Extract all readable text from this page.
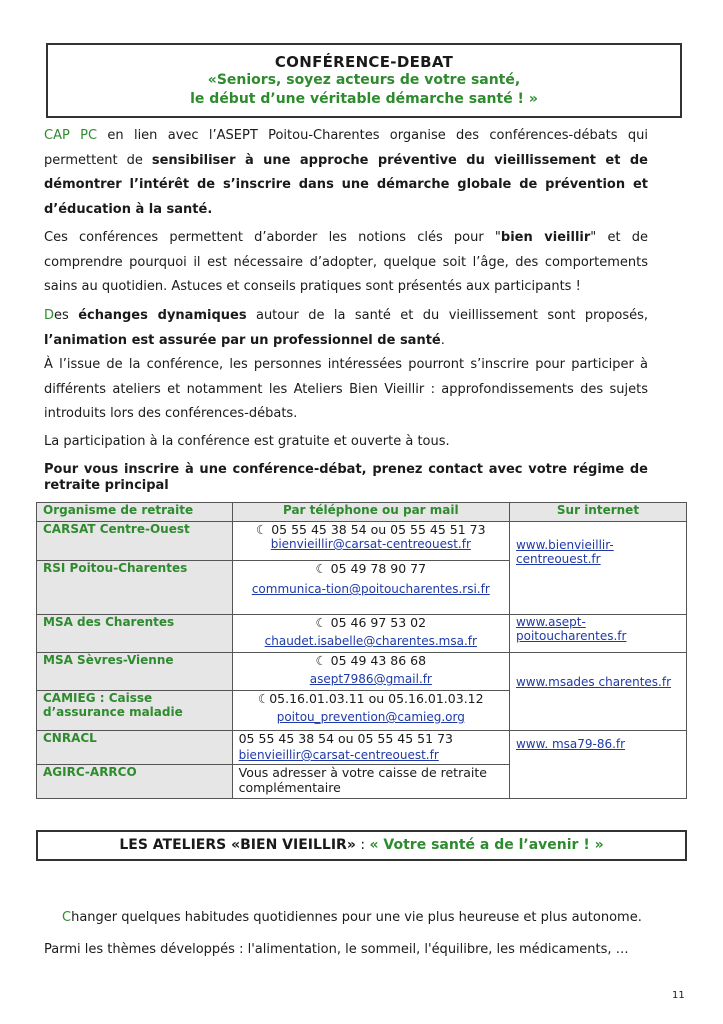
CONFÉRENCE-DEBAT
«Seniors, soyez acteurs de votre santé,
le début d’une véritable démarche santé ! »
CAP PC en lien avec l’ASEPT Poitou-Charentes organise des conférences-débats qui permettent de sensibiliser à une approche préventive du vieillissement et de démontrer l’intérêt de s’inscrire dans une démarche globale de prévention et d’éducation à la santé.
Ces conférences permettent d’aborder les notions clés pour "bien vieillir" et de comprendre pourquoi il est nécessaire d’adopter, quelque soit l’âge, des comportements sains au quotidien. Astuces et conseils pratiques sont présentés aux participants !
Des échanges dynamiques autour de la santé et du vieillissement sont proposés, l’animation est assurée par un professionnel de santé.
À l’issue de la conférence, les personnes intéressées pourront s’inscrire pour participer à différents ateliers et notamment les Ateliers Bien Vieillir : approfondissements des sujets introduits lors des conférences-débats.
La participation à la conférence est gratuite et ouverte à tous.
Pour vous inscrire à une conférence-débat, prenez contact avec votre régime de retraite principal
Organisme de retraite	Par téléphone ou par mail	Sur internet
CARSAT Centre-Ouest	☾ 05 55 45 38 54 ou 05 55 45 51 73
bienvieillir@carsat-centreouest.fr	www.bienvieillir-centreouest.fr

RSI Poitou-Charentes	☾ 05 49 78 90 77
communica-tion@poitoucharentes.rsi.fr	

MSA des Charentes	☾ 05 46 97 53 02
chaudet.isabelle@charentes.msa.fr	www.asept-poitoucharentes.fr

MSA Sèvres-Vienne	☾ 05 49 43 86 68
asept7986@gmail.fr	www.msades charentes.fr

CAMIEG : Caisse d’assurance maladie	☾05.16.01.03.11 ou 05.16.01.03.12
poitou_prevention@camieg.org	

CNRACL	05 55 45 38 54 ou 05 55 45 51 73
bienvieillir@carsat-centreouest.fr	www. msa79-86.fr

AGIRC-ARRCO	Vous adresser à votre caisse de retraite complémentaire	
LES ATELIERS «BIEN VIEILLIR» : « Votre santé a de l’avenir ! »
Changer quelques habitudes quotidiennes pour une vie plus heureuse et plus autonome.
Parmi les thèmes développés : l'alimentation, le sommeil, l'équilibre, les médicaments, …
11
